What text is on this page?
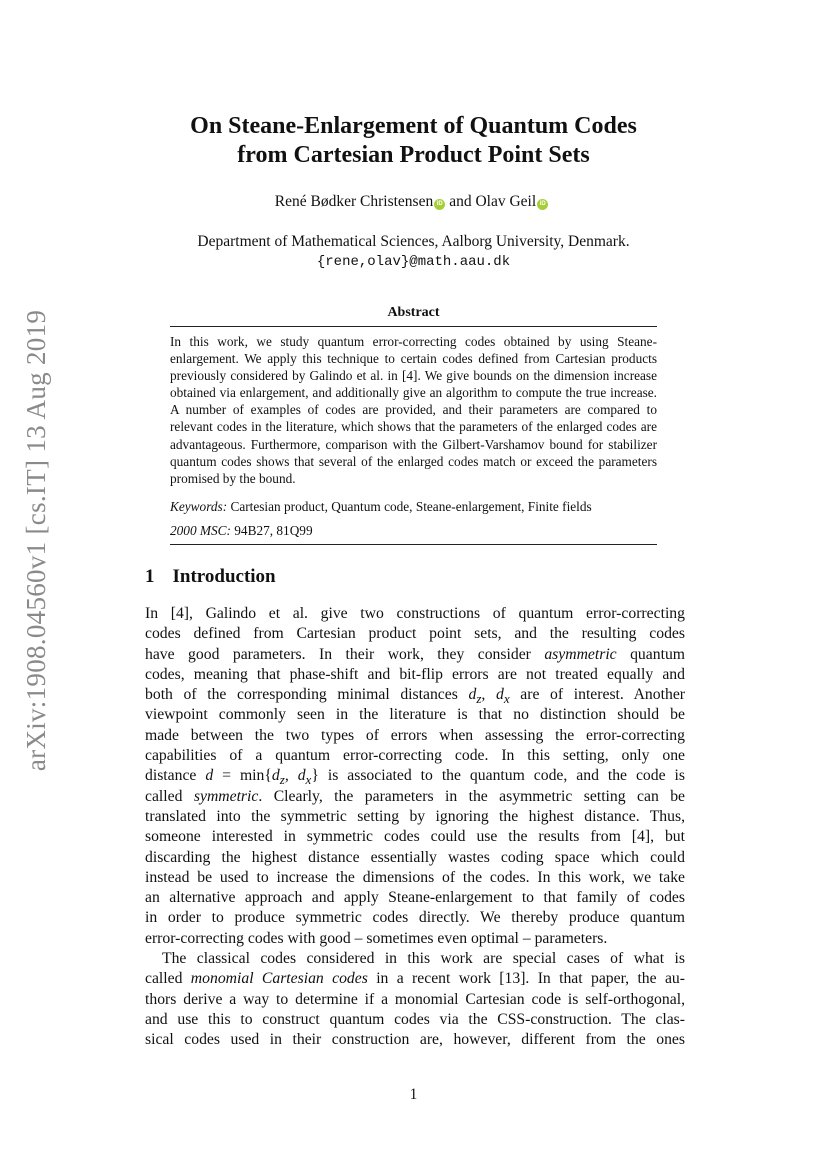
arXiv:1908.04560v1 [cs.IT] 13 Aug 2019
On Steane-Enlargement of Quantum Codes
from Cartesian Product Point Sets
René Bødker Christensen iD and Olav Geil iD
Department of Mathematical Sciences, Aalborg University, Denmark.
{rene,olav}@math.aau.dk
Abstract
In this work, we study quantum error-correcting codes obtained by using Steane-enlargement. We apply this technique to certain codes defined from Cartesian products previously considered by Galindo et al. in [4]. We give bounds on the dimension increase obtained via enlargement, and additionally give an algorithm to compute the true increase. A number of examples of codes are provided, and their parameters are compared to relevant codes in the literature, which shows that the parameters of the enlarged codes are advantageous. Furthermore, comparison with the Gilbert-Varshamov bound for stabilizer quantum codes shows that several of the enlarged codes match or exceed the parameters promised by the bound.
Keywords: Cartesian product, Quantum code, Steane-enlargement, Finite fields
2000 MSC: 94B27, 81Q99
1 Introduction
In [4], Galindo et al. give two constructions of quantum error-correcting
codes defined from Cartesian product point sets, and the resulting codes
have good parameters. In their work, they consider asymmetric quantum
codes, meaning that phase-shift and bit-flip errors are not treated equally and
both of the corresponding minimal distances $d_z$, $d_x$ are of interest. Another
viewpoint commonly seen in the literature is that no distinction should be
made between the two types of errors when assessing the error-correcting
capabilities of a quantum error-correcting code. In this setting, only one
distance $d = \min\{d_z$, $d_x$} is associated to the quantum code, and the code is
called symmetric. Clearly, the parameters in the asymmetric setting can be
translated into the symmetric setting by ignoring the highest distance. Thus,
someone interested in symmetric codes could use the results from [4], but
discarding the highest distance essentially wastes coding space which could
instead be used to increase the dimensions of the codes. In this work, we take
an alternative approach and apply Steane-enlargement to that family of codes
in order to produce symmetric codes directly. We thereby produce quantum
error-correcting codes with good – sometimes even optimal – parameters.
The classical codes considered in this work are special cases of what is
called monomial Cartesian codes in a recent work [13]. In that paper, the au-
thors derive a way to determine if a monomial Cartesian code is self-orthogonal,
and use this to construct quantum codes via the CSS-construction. The clas-
sical codes used in their construction are, however, different from the ones
1
